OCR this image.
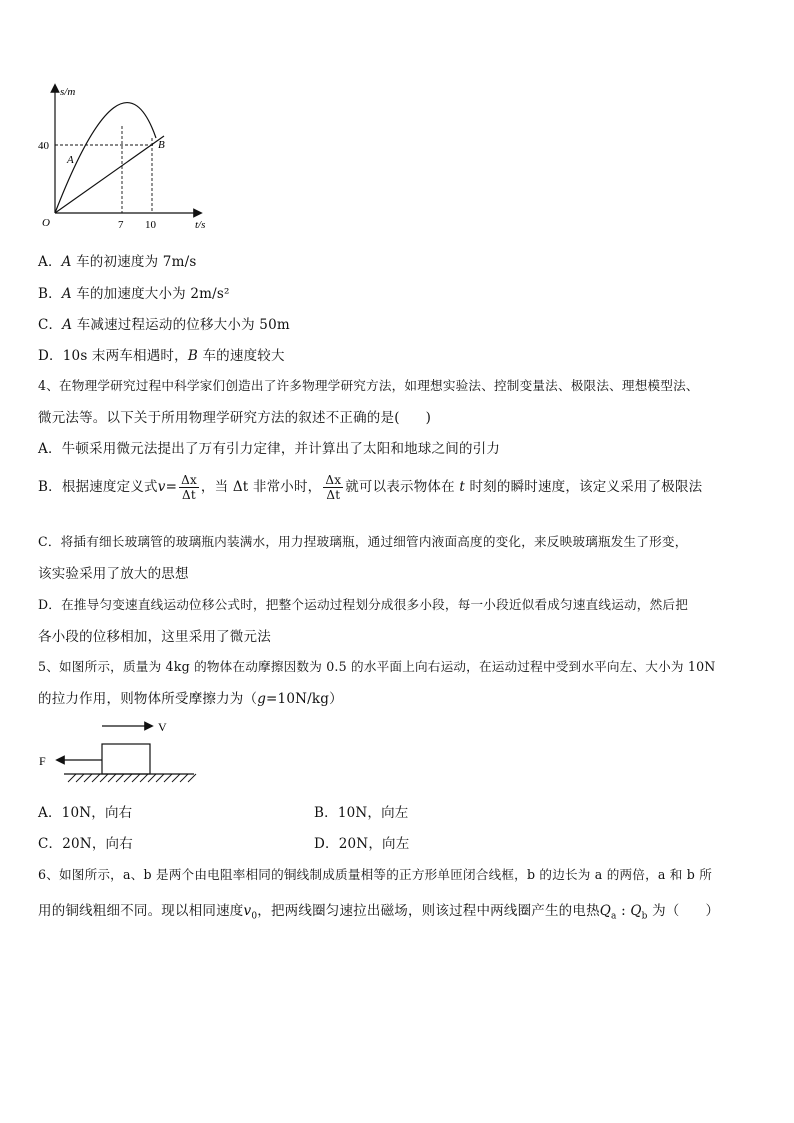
s/m
t/s
40
7 10
O
A
B
A．A 车的初速度为 7m/s
B．A 车的加速度大小为 2m/s²
C．A 车减速过程运动的位移大小为 50m
D．10s 末两车相遇时，B 车的速度较大
4、在物理学研究过程中科学家们创造出了许多物理学研究方法，如理想实验法、控制变量法、极限法、理想模型法、
微元法等。以下关于所用物理学研究方法的叙述不正确的是( )
A．牛顿采用微元法提出了万有引力定律，并计算出了太阳和地球之间的引力
B．根据速度定义式$v= \frac{\Delta x}{\Delta t}$ ，当 Δt 非常小时， $\frac{\Delta x}{\Delta t}$ 就可以表示物体在 t 时刻的瞬时速度，该定义采用了极限法
C．将插有细长玻璃管的玻璃瓶内装满水，用力捏玻璃瓶，通过细管内液面高度的变化，来反映玻璃瓶发生了形变，
该实验采用了放大的思想
D．在推导匀变速直线运动位移公式时，把整个运动过程划分成很多小段，每一小段近似看成匀速直线运动，然后把
各小段的位移相加，这里采用了微元法
5、如图所示，质量为 4kg 的物体在动摩擦因数为 0.5 的水平面上向右运动，在运动过程中受到水平向左、大小为 10N
的拉力作用，则物体所受摩擦力为（g=10N/kg）
V
F
A．10N，向右	B．10N，向左
C．20N，向右	D．20N，向左
6、如图所示，a、b 是两个由电阻率相同的铜线制成质量相等的正方形单匝闭合线框，b 的边长为 a 的两倍，a 和 b 所
用的铜线粗细不同。现以相同速度$v_0$，把两线圈匀速拉出磁场，则该过程中两线圈产生的电热$Q_a$ : $Q_b$ 为（ ）
